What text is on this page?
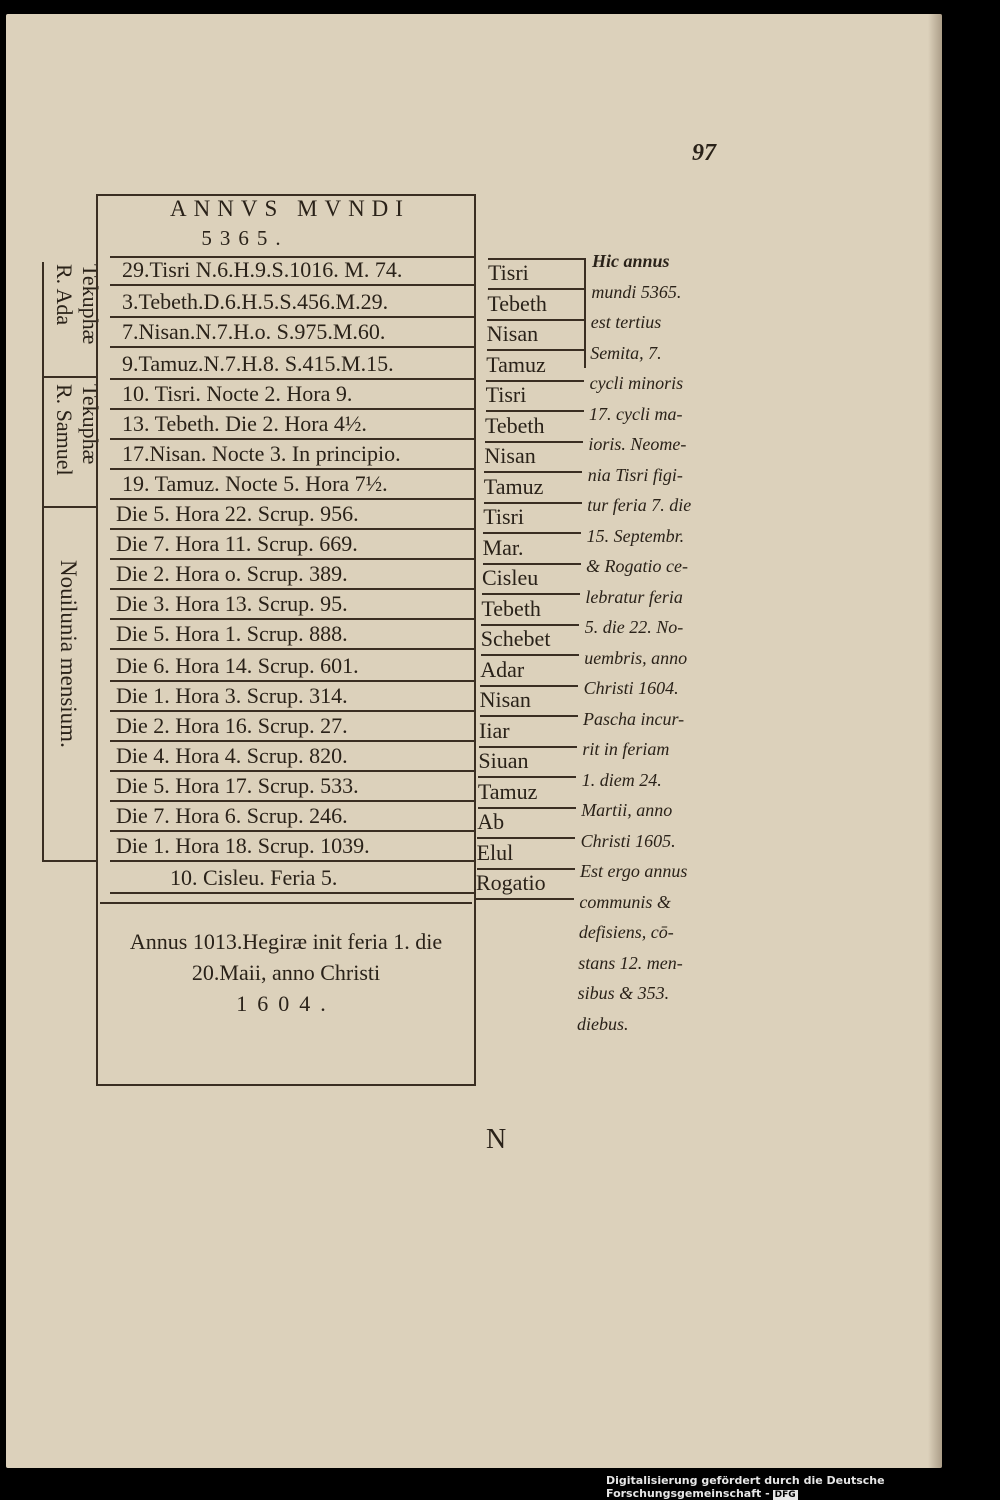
97
Tekuphæ
R. Ada
Tekuphæ
R. Samuel
Nouilunia mensium.
ANNVS MVNDI
5365.
29.Tisri N.6.H.9.S.1016. M. 74.
3.Tebeth.D.6.H.5.S.456.M.29.
7.Nisan.N.7.H.o. S.975.M.60.
9.Tamuz.N.7.H.8. S.415.M.15.
10. Tisri. Nocte 2. Hora 9.
13. Tebeth. Die 2. Hora 4½.
17.Nisan. Nocte 3. In principio.
19. Tamuz. Nocte 5. Hora 7½.
Die 5. Hora 22. Scrup. 956.
Die 7. Hora 11. Scrup. 669.
Die 2. Hora o. Scrup. 389.
Die 3. Hora 13. Scrup. 95.
Die 5. Hora 1. Scrup. 888.
Die 6. Hora 14. Scrup. 601.
Die 1. Hora 3. Scrup. 314.
Die 2. Hora 16. Scrup. 27.
Die 4. Hora 4. Scrup. 820.
Die 5. Hora 17. Scrup. 533.
Die 7. Hora 6. Scrup. 246.
Die 1. Hora 18. Scrup. 1039.
10. Cisleu. Feria 5.
Annus 1013.Hegiræ init feria 1. die
20.Maii, anno Christi
1604.
Tisri
Tebeth
Nisan
Tamuz
Tisri
Tebeth
Nisan
Tamuz
Tisri
Mar.
Cisleu
Tebeth
Schebet
Adar
Nisan
Iiar
Siuan
Tamuz
Ab
Elul
Rogatio
Hic annus
mundi 5365.
est tertius
Semita, 7.
cycli minoris
17. cycli ma-
ioris. Neome-
nia Tisri figi-
tur feria 7. die
15. Septembr.
& Rogatio ce-
lebratur feria
5. die 22. No-
uembris, anno
Christi 1604.
Pascha incur-
rit in feriam
1. diem 24.
Martii, anno
Christi 1605.
Est ergo annus
communis &
defisiens, cō-
stans 12. men-
sibus & 353.
diebus.
N
Digitalisierung gefördert durch die Deutsche Forschungsgemeinschaft - DFG
